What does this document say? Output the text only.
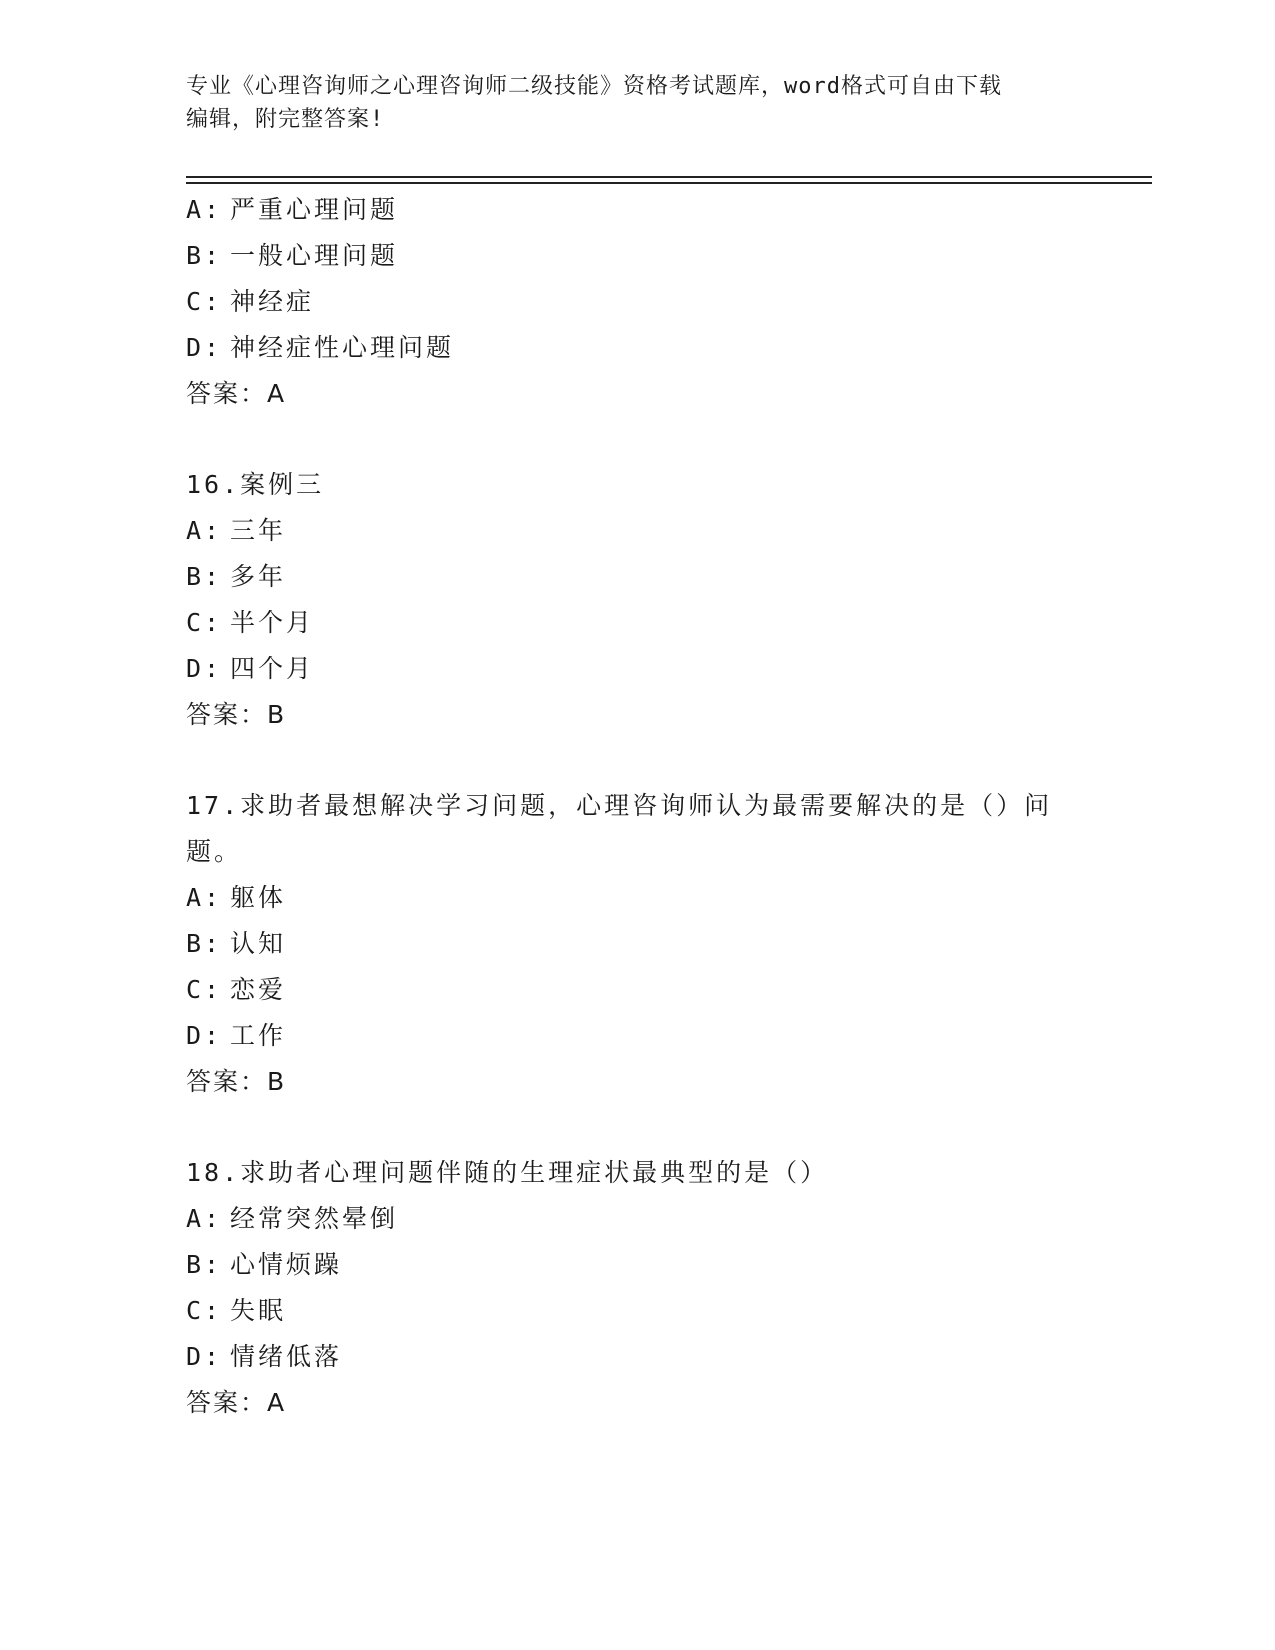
专业《心理咨询师之心理咨询师二级技能》资格考试题库，word格式可自由下载
编辑，附完整答案!
A: 严重心理问题
B: 一般心理问题
C: 神经症
D: 神经症性心理问题
答案：A
16.案例三
A: 三年
B: 多年
C: 半个月
D: 四个月
答案：B
17.求助者最想解决学习问题，心理咨询师认为最需要解决的是（）问
题。
A: 躯体
B: 认知
C: 恋爱
D: 工作
答案：B
18.求助者心理问题伴随的生理症状最典型的是（）
A: 经常突然晕倒
B: 心情烦躁
C: 失眠
D: 情绪低落
答案：A
